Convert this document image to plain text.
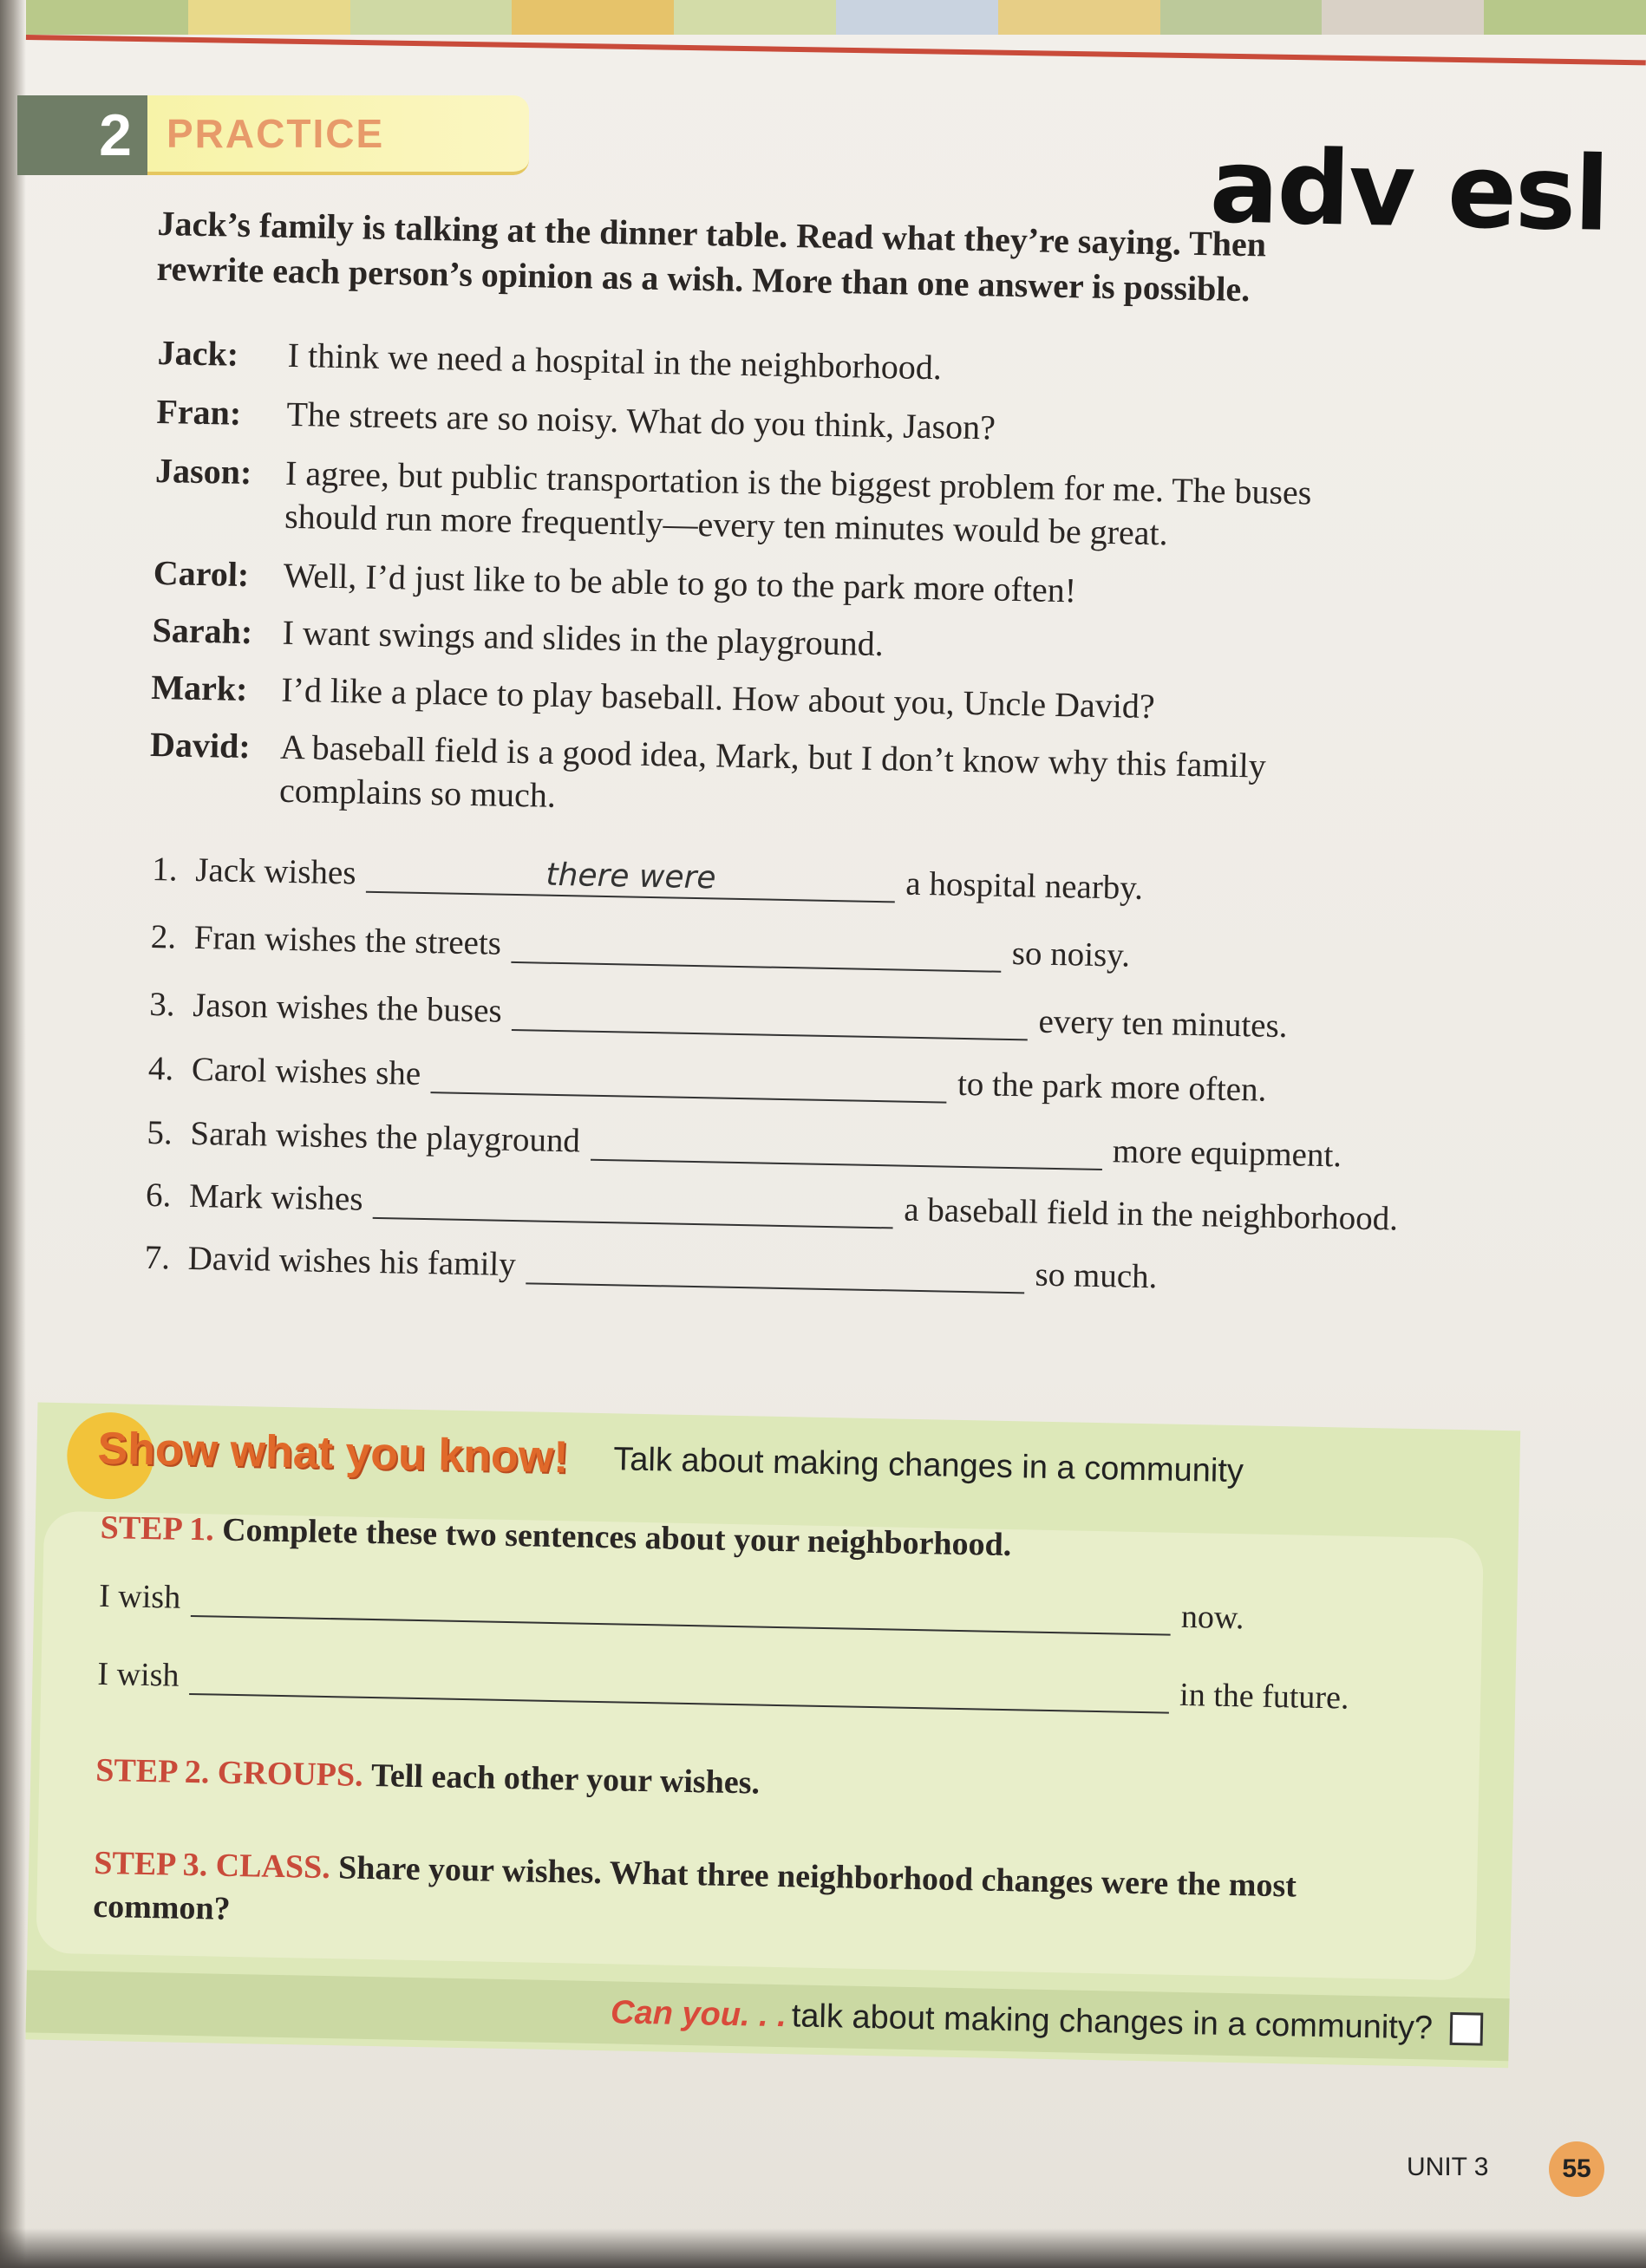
2 PRACTICE	adv esl
Jack’s family is talking at the dinner table. Read what they’re saying. Then rewrite each person’s opinion as a wish. More than one answer is possible.
Jack:	I think we need a hospital in the neighborhood.
Fran:	The streets are so noisy. What do you think, Jason?
Jason: I agree, but public transportation is the biggest problem for me. The buses should run more frequently—every ten minutes would be great.
Carol: Well, I’d just like to be able to go to the park more often!
Sarah: I want swings and slides in the playground.
Mark: I’d like a place to play baseball. How about you, Uncle David?
David: A baseball field is a good idea, Mark, but I don’t know why this family complains so much.
1. Jack wishes	there were	a hospital nearby.
2. Fran wishes the streets	so noisy.
3. Jason wishes the buses	every ten minutes.
4. Carol wishes she	to the park more often.
5. Sarah wishes the playground	more equipment.
6. Mark wishes	a baseball field in the neighborhood.
7. David wishes his family	so much.
Show what you know! Talk about making changes in a community
STEP 1. Complete these two sentences about your neighborhood.
I wish
now.
I wish
in the future.
STEP 2. GROUPS. Tell each other your wishes.
STEP 3. CLASS. Share your wishes. What three neighborhood changes were the most common?
Can you. . . talk about making changes in a community?
UNIT 3	55
